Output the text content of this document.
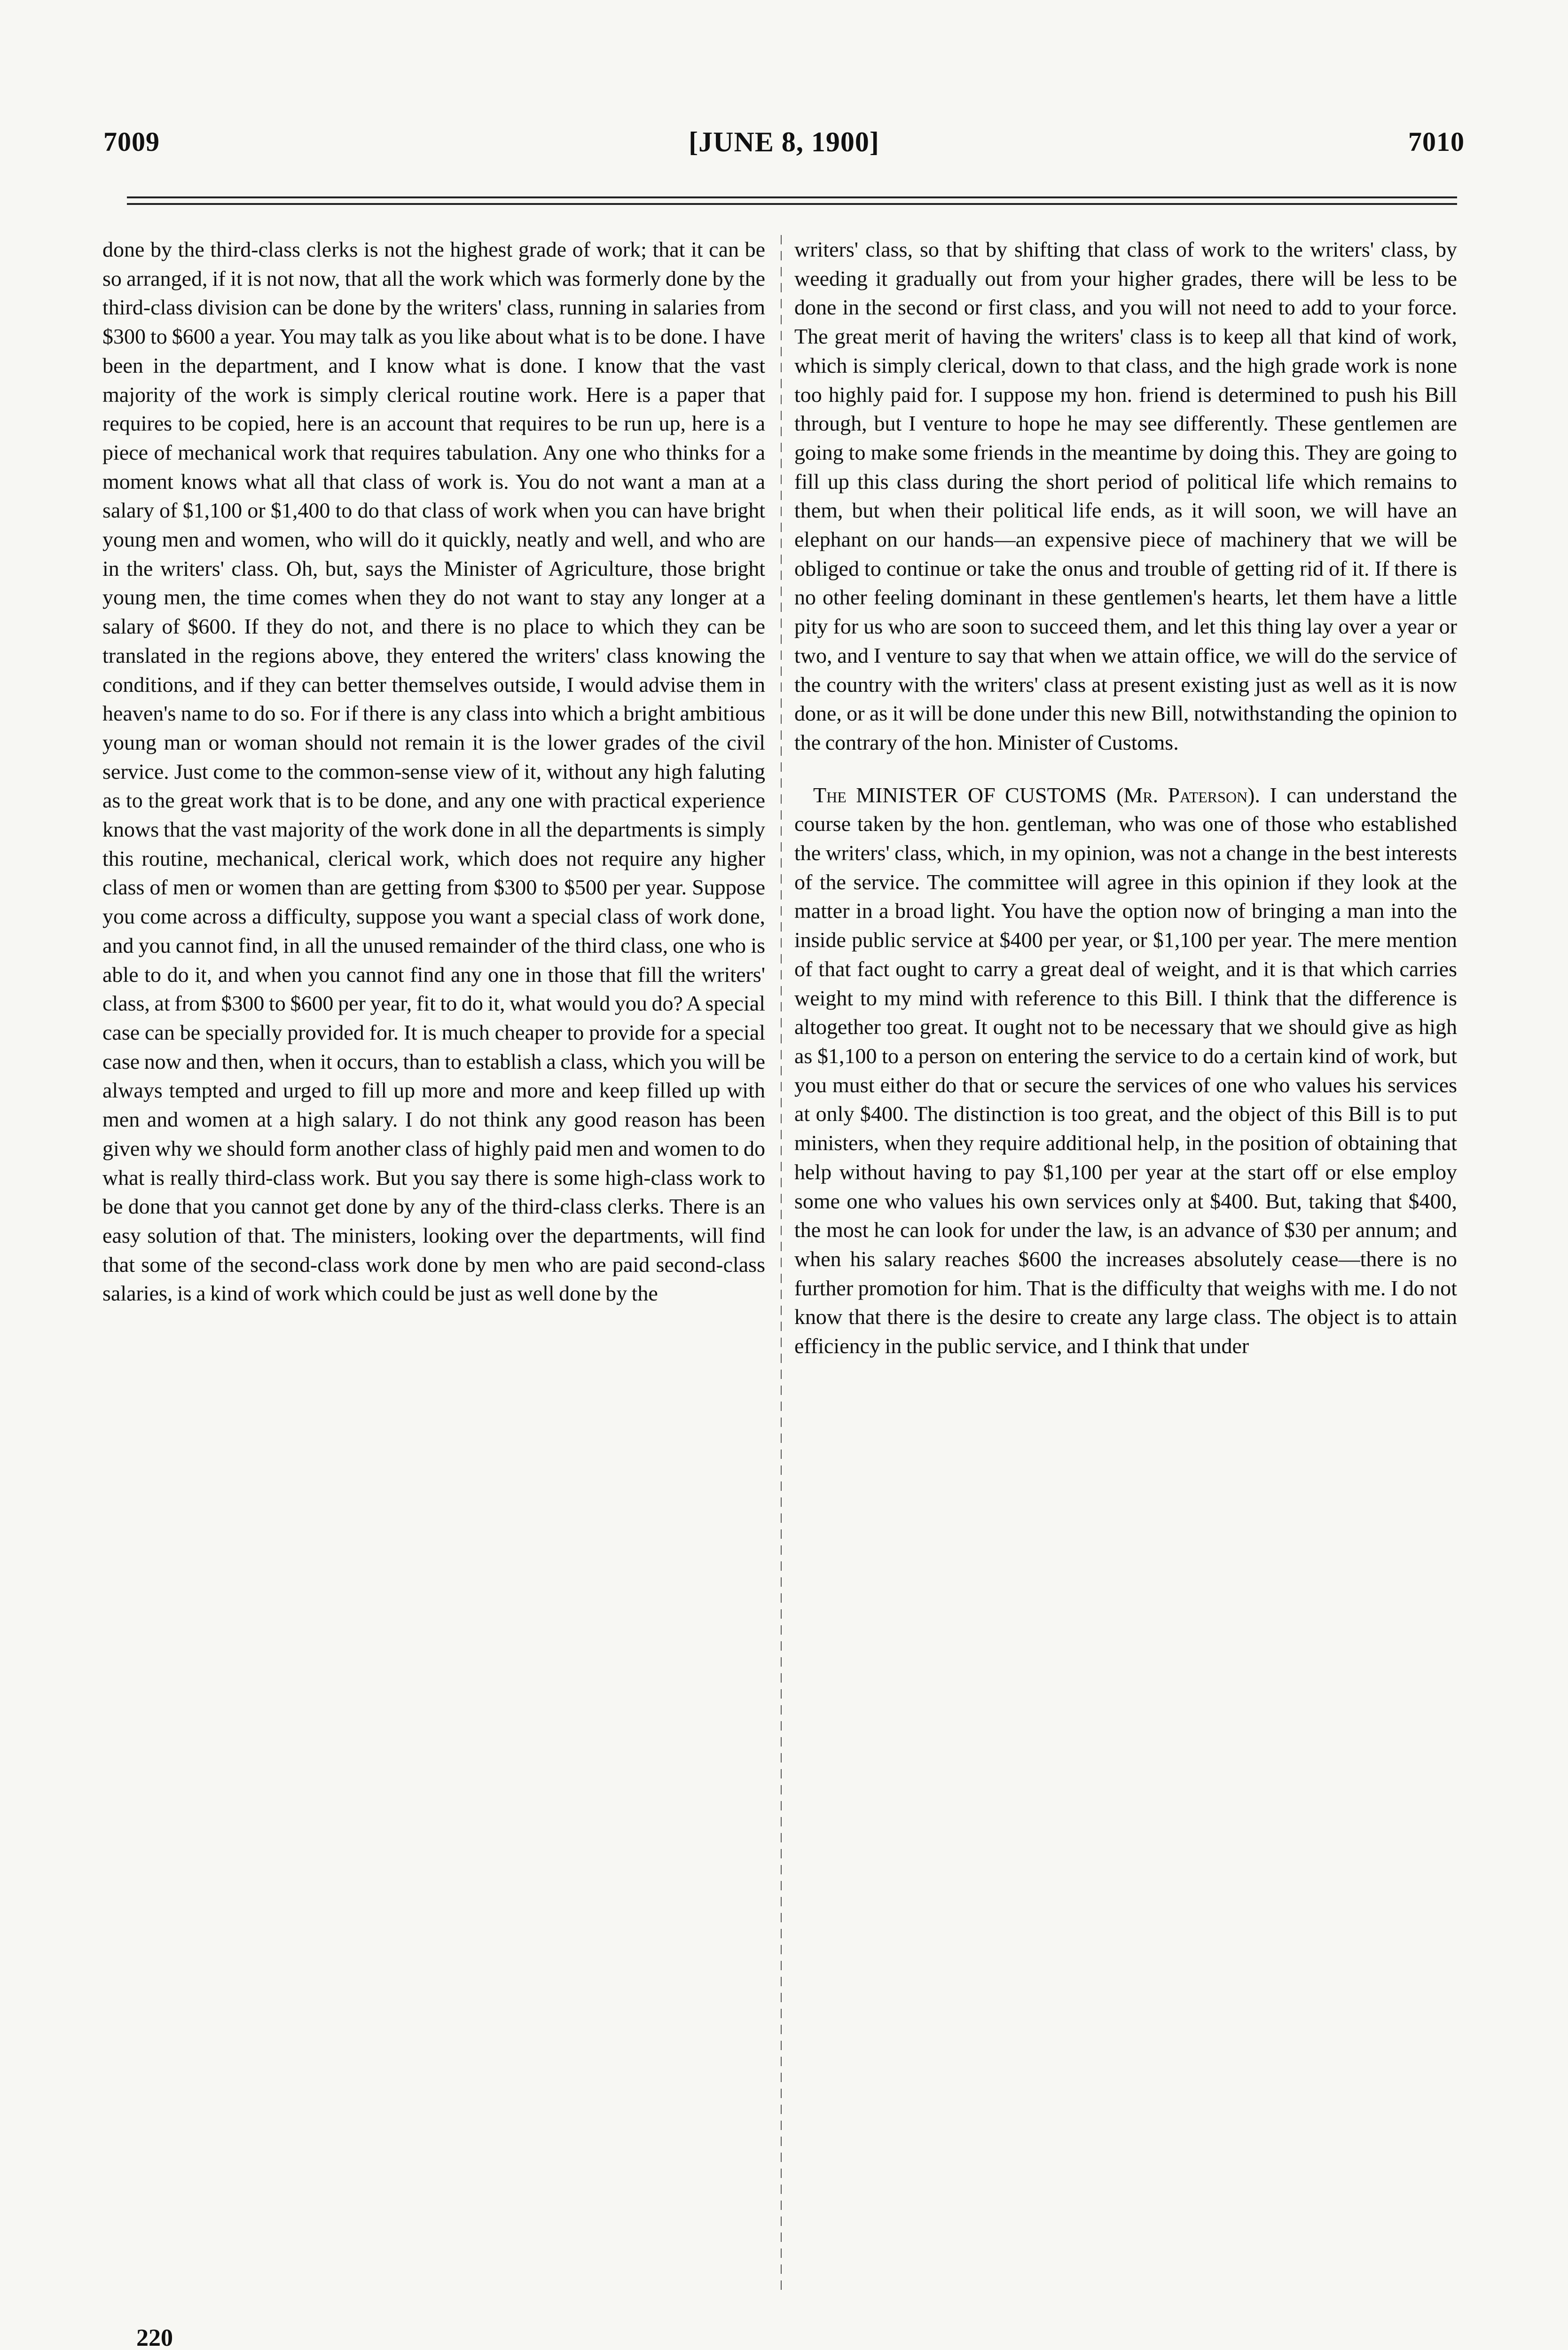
7009	[JUNE 8, 1900]	7010

done by the third-class clerks is not the highest grade of work; that it can be so arranged, if it is not now, that all the work which was formerly done by the third-class division can be done by the writers' class, running in salaries from $300 to $600 a year. You may talk as you like about what is to be done. I have been in the department, and I know what is done. I know that the vast majority of the work is simply clerical routine work. Here is a paper that requires to be copied, here is an account that requires to be run up, here is a piece of mechanical work that requires tabulation. Any one who thinks for a moment knows what all that class of work is. You do not want a man at a salary of $1,100 or $1,400 to do that class of work when you can have bright young men and women, who will do it quickly, neatly and well, and who are in the writers' class. Oh, but, says the Minister of Agriculture, those bright young men, the time comes when they do not want to stay any longer at a salary of $600. If they do not, and there is no place to which they can be translated in the regions above, they entered the writers' class knowing the conditions, and if they can better themselves outside, I would advise them in heaven's name to do so. For if there is any class into which a bright ambitious young man or woman should not remain it is the lower grades of the civil service. Just come to the common-sense view of it, without any high faluting as to the great work that is to be done, and any one with practical experience knows that the vast majority of the work done in all the departments is simply this routine, mechanical, clerical work, which does not require any higher class of men or women than are getting from $300 to $500 per year. Suppose you come across a difficulty, suppose you want a special class of work done, and you cannot find, in all the unused remainder of the third class, one who is able to do it, and when you cannot find any one in those that fill the writers' class, at from $300 to $600 per year, fit to do it, what would you do? A special case can be specially provided for. It is much cheaper to provide for a special case now and then, when it occurs, than to establish a class, which you will be always tempted and urged to fill up more and more and keep filled up with men and women at a high salary. I do not think any good reason has been given why we should form another class of highly paid men and women to do what is really third-class work. But you say there is some high-class work to be done that you cannot get done by any of the third-class clerks. There is an easy solution of that. The ministers, looking over the departments, will find that some of the second-class work done by men who are paid second-class salaries, is a kind of work which could be just as well done by the

writers' class, so that by shifting that class of work to the writers' class, by weeding it gradually out from your higher grades, there will be less to be done in the second or first class, and you will not need to add to your force. The great merit of having the writers' class is to keep all that kind of work, which is simply clerical, down to that class, and the high grade work is none too highly paid for. I suppose my hon. friend is determined to push his Bill through, but I venture to hope he may see differently. These gentlemen are going to make some friends in the meantime by doing this. They are going to fill up this class during the short period of political life which remains to them, but when their political life ends, as it will soon, we will have an elephant on our hands—an expensive piece of machinery that we will be obliged to continue or take the onus and trouble of getting rid of it. If there is no other feeling dominant in these gentlemen's hearts, let them have a little pity for us who are soon to succeed them, and let this thing lay over a year or two, and I venture to say that when we attain office, we will do the service of the country with the writers' class at present existing just as well as it is now done, or as it will be done under this new Bill, notwithstanding the opinion to the contrary of the hon. Minister of Customs.

The MINISTER OF CUSTOMS (Mr. Paterson). I can understand the course taken by the hon. gentleman, who was one of those who established the writers' class, which, in my opinion, was not a change in the best interests of the service. The committee will agree in this opinion if they look at the matter in a broad light. You have the option now of bringing a man into the inside public service at $400 per year, or $1,100 per year. The mere mention of that fact ought to carry a great deal of weight, and it is that which carries weight to my mind with reference to this Bill. I think that the difference is altogether too great. It ought not to be necessary that we should give as high as $1,100 to a person on entering the service to do a certain kind of work, but you must either do that or secure the services of one who values his services at only $400. The distinction is too great, and the object of this Bill is to put ministers, when they require additional help, in the position of obtaining that help without having to pay $1,100 per year at the start off or else employ some one who values his own services only at $400. But, taking that $400, the most he can look for under the law, is an advance of $30 per annum; and when his salary reaches $600 the increases absolutely cease—there is no further promotion for him. That is the difficulty that weighs with me. I do not know that there is the desire to create any large class. The object is to attain efficiency in the public service, and I think that under

220
